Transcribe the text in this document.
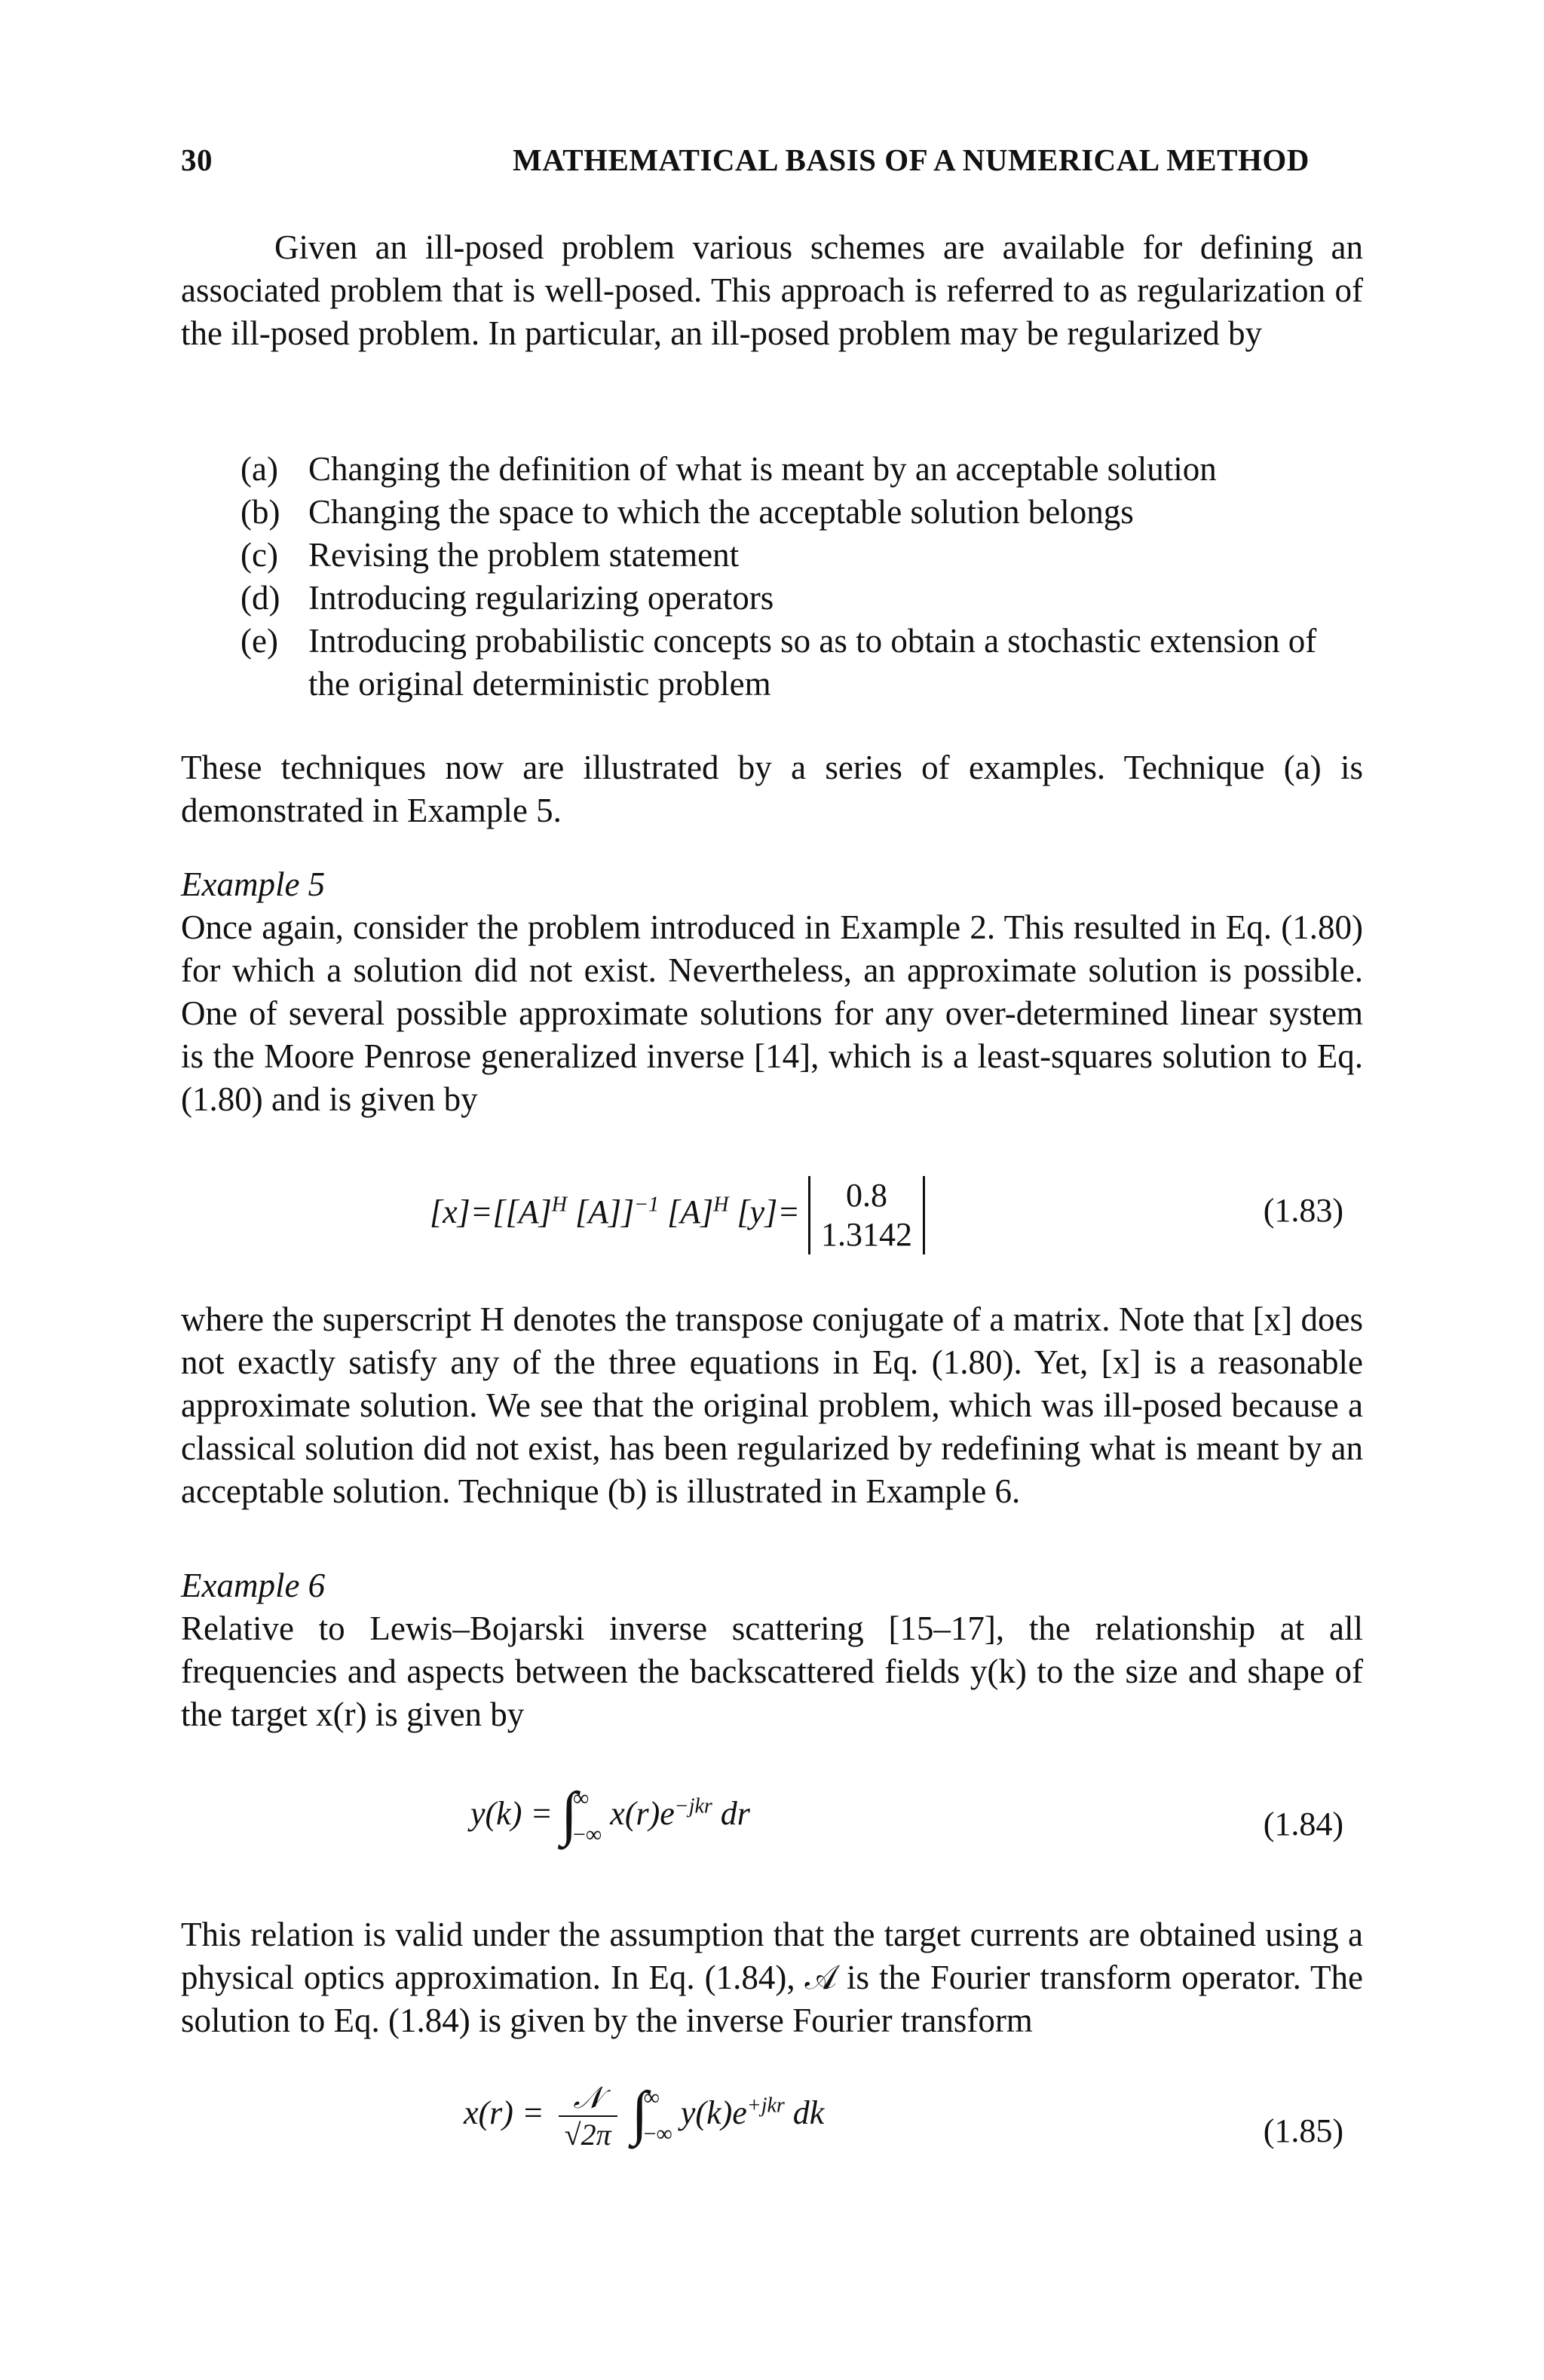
30	MATHEMATICAL BASIS OF A NUMERICAL METHOD

Given an ill-posed problem various schemes are available for defining an associated problem that is well-posed. This approach is referred to as regularization of the ill-posed problem. In particular, an ill-posed problem may be regularized by

(a) Changing the definition of what is meant by an acceptable solution
(b) Changing the space to which the acceptable solution belongs
(c) Revising the problem statement
(d) Introducing regularizing operators
(e) Introducing probabilistic concepts so as to obtain a stochastic extension of the original deterministic problem

These techniques now are illustrated by a series of examples. Technique (a) is demonstrated in Example 5.

Example 5

Once again, consider the problem introduced in Example 2. This resulted in Eq. (1.80) for which a solution did not exist. Nevertheless, an approximate solution is possible. One of several possible approximate solutions for any over-determined linear system is the Moore Penrose generalized inverse [14], which is a least-squares solution to Eq. (1.80) and is given by

$[x]=[[A]^H$ [A]]$^{-1}$ $[A]^H$ [y]=	0.8
1.3142
(1.83)

where the superscript H denotes the transpose conjugate of a matrix. Note that [x] does not exactly satisfy any of the three equations in Eq. (1.80). Yet, [x] is a reasonable approximate solution. We see that the original problem, which was ill-posed because a classical solution did not exist, has been regularized by redefining what is meant by an acceptable solution. Technique (b) is illustrated in Example 6.

Example 6

Relative to Lewis–Bojarski inverse scattering [15–17], the relationship at all frequencies and aspects between the backscattered fields y(k) to the size and shape of the target x(r) is given by

y(k) = ∫
∞
−∞
$x(r)e^{-jkr}$ dr	(1.84)

This relation is valid under the assumption that the target currents are obtained using a physical optics approximation. In Eq. (1.84), 𝒜 is the Fourier transform operator. The solution to Eq. (1.84) is given by the inverse Fourier transform

$x(r) = \frac{\text{𝒩}}{√2\pi}$ ∫
∞
−∞
$y(k)e^{+jkr}$ dk	(1.85)
